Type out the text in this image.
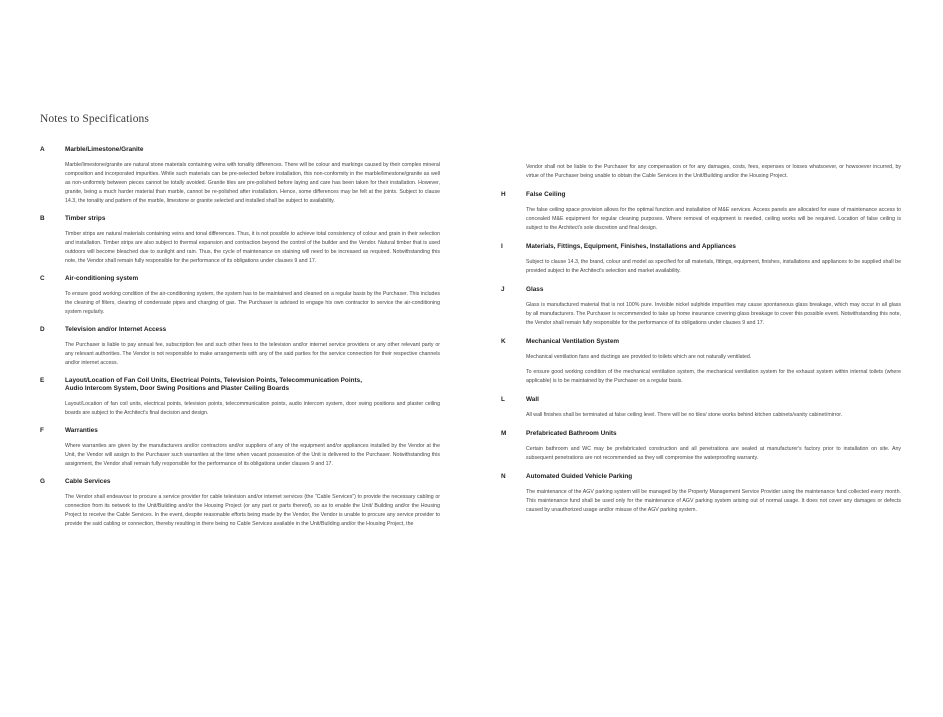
Notes to Specifications
A	Marble/Limestone/Granite

Marble/limestone/granite are natural stone materials containing veins with tonality differences. There will be colour and markings caused by their complex mineral composition and incorporated impurities. While such materials can be pre-selected before installation, this non-conformity in the marble/limestone/granite as well as non-uniformity between pieces cannot be totally avoided. Granite tiles are pre-polished before laying and care has been taken for their installation. However, granite, being a much harder material than marble, cannot be re-polished after installation. Hence, some differences may be felt at the joints. Subject to clause 14.3, the tonality and pattern of the marble, limestone or granite selected and installed shall be subject to availability.

B	Timber strips

Timber strips are natural materials containing veins and tonal differences. Thus, it is not possible to achieve total consistency of colour and grain in their selection and installation. Timber strips are also subject to thermal expansion and contraction beyond the control of the builder and the Vendor. Natural timber that is used outdoors will become bleached due to sunlight and rain. Thus, the cycle of maintenance on staining will need to be increased as required. Notwithstanding this note, the Vendor shall remain fully responsible for the performance of its obligations under clauses 9 and 17.

C	Air-conditioning system

To ensure good working condition of the air-conditioning system, the system has to be maintained and cleaned on a regular basis by the Purchaser. This includes the cleaning of filters, clearing of condensate pipes and charging of gas. The Purchaser is advised to engage his own contractor to service the air-conditioning system regularly.

D	Television and/or Internet Access

The Purchaser is liable to pay annual fee, subscription fee and such other fees to the television and/or internet service providers or any other relevant party or any relevant authorities. The Vendor is not responsible to make arrangements with any of the said parties for the service connection for their respective channels and/or internet access.

E	Layout/Location of Fan Coil Units, Electrical Points, Television Points, Telecommunication Points,
Audio Intercom System, Door Swing Positions and Plaster Ceiling Boards

Layout/Location of fan coil units, electrical points, television points, telecommunication points, audio intercom system, door swing positions and plaster ceiling boards are subject to the Architect's final decision and design.

F	Warranties

Where warranties are given by the manufacturers and/or contractors and/or suppliers of any of the equipment and/or appliances installed by the Vendor at the Unit, the Vendor will assign to the Purchaser such warranties at the time when vacant possession of the Unit is delivered to the Purchaser. Notwithstanding this assignment, the Vendor shall remain fully responsible for the performance of its obligations under clauses 9 and 17.

G	Cable Services

The Vendor shall endeavour to procure a service provider for cable television and/or internet services (the “Cable Services”) to provide the necessary cabling or connection from its network to the Unit/Building and/or the Housing Project (or any part or parts thereof), so as to enable the Unit/ Building and/or the Housing Project to receive the Cable Services. In the event, despite reasonable efforts being made by the Vendor, the Vendor is unable to procure any service provider to provide the said cabling or connection, thereby resulting in there being no Cable Services available in the Unit/Building and/or the Housing Project, the

Vendor shall not be liable to the Purchaser for any compensation or for any damages, costs, fees, expenses or losses whatsoever, or howsoever incurred, by virtue of the Purchaser being unable to obtain the Cable Services in the Unit/Building and/or the Housing Project.

H	False Ceiling

The false ceiling space provision allows for the optimal function and installation of M&E services. Access panels are allocated for ease of maintenance access to concealed M&E equipment for regular cleaning purposes. Where removal of equipment is needed, ceiling works will be required. Location of false ceiling is subject to the Architect's sole discretion and final design.

I	Materials, Fittings, Equipment, Finishes, Installations and Appliances

Subject to clause 14.3, the brand, colour and model as specified for all materials, fittings, equipment, finishes, installations and appliances to be supplied shall be provided subject to the Architect's selection and market availability.

J	Glass

Glass is manufactured material that is not 100% pure. Invisible nickel sulphide impurities may cause spontaneous glass breakage, which may occur in all glass by all manufacturers. The Purchaser is recommended to take up home insurance covering glass breakage to cover this possible event. Notwithstanding this note, the Vendor shall remain fully responsible for the performance of its obligations under clauses 9 and 17.

K	Mechanical Ventilation System

Mechanical ventilation fans and ductings are provided to toilets which are not naturally ventilated.

To ensure good working condition of the mechanical ventilation system, the mechanical ventilation system for the exhaust system within internal toilets (where applicable) is to be maintained by the Purchaser on a regular basis.

L	Wall

All wall finishes shall be terminated at false ceiling level. There will be no tiles/ stone works behind kitchen cabinets/vanity cabinet/mirror.

M	Prefabricated Bathroom Units

Certain bathroom and WC may be prefabricated construction and all penetrations are sealed at manufacturer's factory prior to installation on site. Any subsequent penetrations are not recommended as they will compromise the waterproofing warranty.

N	Automated Guided Vehicle Parking

The maintenance of the AGV parking system will be managed by the Property Management Service Provider using the maintenance fund collected every month. This maintenance fund shall be used only for the maintenance of AGV parking system arising out of normal usage. It does not cover any damages or defects caused by unauthorized usage and/or misuse of the AGV parking system.
